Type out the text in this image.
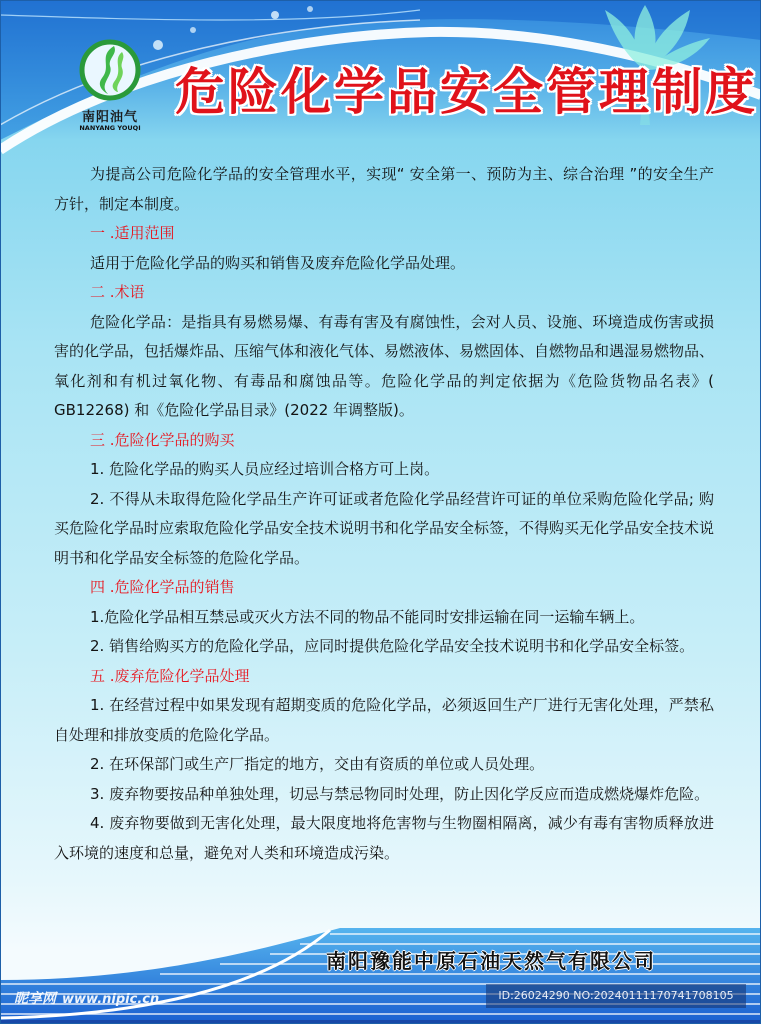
南阳油气
NANYANG YOUQI
危险化学品安全管理制度

为提高公司危险化学品的安全管理水平，实现“ 安全第一、预防为主、综合治理 ”的安全生产方针，制定本制度。

一 .适用范围

适用于危险化学品的购买和销售及废弃危险化学品处理。

二 .术语

危险化学品：是指具有易燃易爆、有毒有害及有腐蚀性，会对人员、设施、环境造成伤害或损害的化学品，包括爆炸品、压缩气体和液化气体、易燃液体、易燃固体、自燃物品和遇湿易燃物品、氧化剂和有机过氧化物、有毒品和腐蚀品等。危险化学品的判定依据为《危险货物品名表》( GB12268) 和《危险化学品目录》(2022 年调整版)。

三 .危险化学品的购买

1. 危险化学品的购买人员应经过培训合格方可上岗。

2. 不得从未取得危险化学品生产许可证或者危险化学品经营许可证的单位采购危险化学品; 购买危险化学品时应索取危险化学品安全技术说明书和化学品安全标签，不得购买无化学品安全技术说明书和化学品安全标签的危险化学品。

四 .危险化学品的销售

1.危险化学品相互禁忌或灭火方法不同的物品不能同时安排运输在同一运输车辆上。

2. 销售给购买方的危险化学品，应同时提供危险化学品安全技术说明书和化学品安全标签。

五 .废弃危险化学品处理

1. 在经营过程中如果发现有超期变质的危险化学品，必须返回生产厂进行无害化处理，严禁私自处理和排放变质的危险化学品。

2. 在环保部门或生产厂指定的地方，交由有资质的单位或人员处理。

3. 废弃物要按品种单独处理，切忌与禁忌物同时处理，防止因化学反应而造成燃烧爆炸危险。

4. 废弃物要做到无害化处理，最大限度地将危害物与生物圈相隔离，减少有毒有害物质释放进入环境的速度和总量，避免对人类和环境造成污染。

南阳豫能中原石油天然气有限公司
昵享网 www.nipic.cn	ID:26024290 NO:20240111170741708105
